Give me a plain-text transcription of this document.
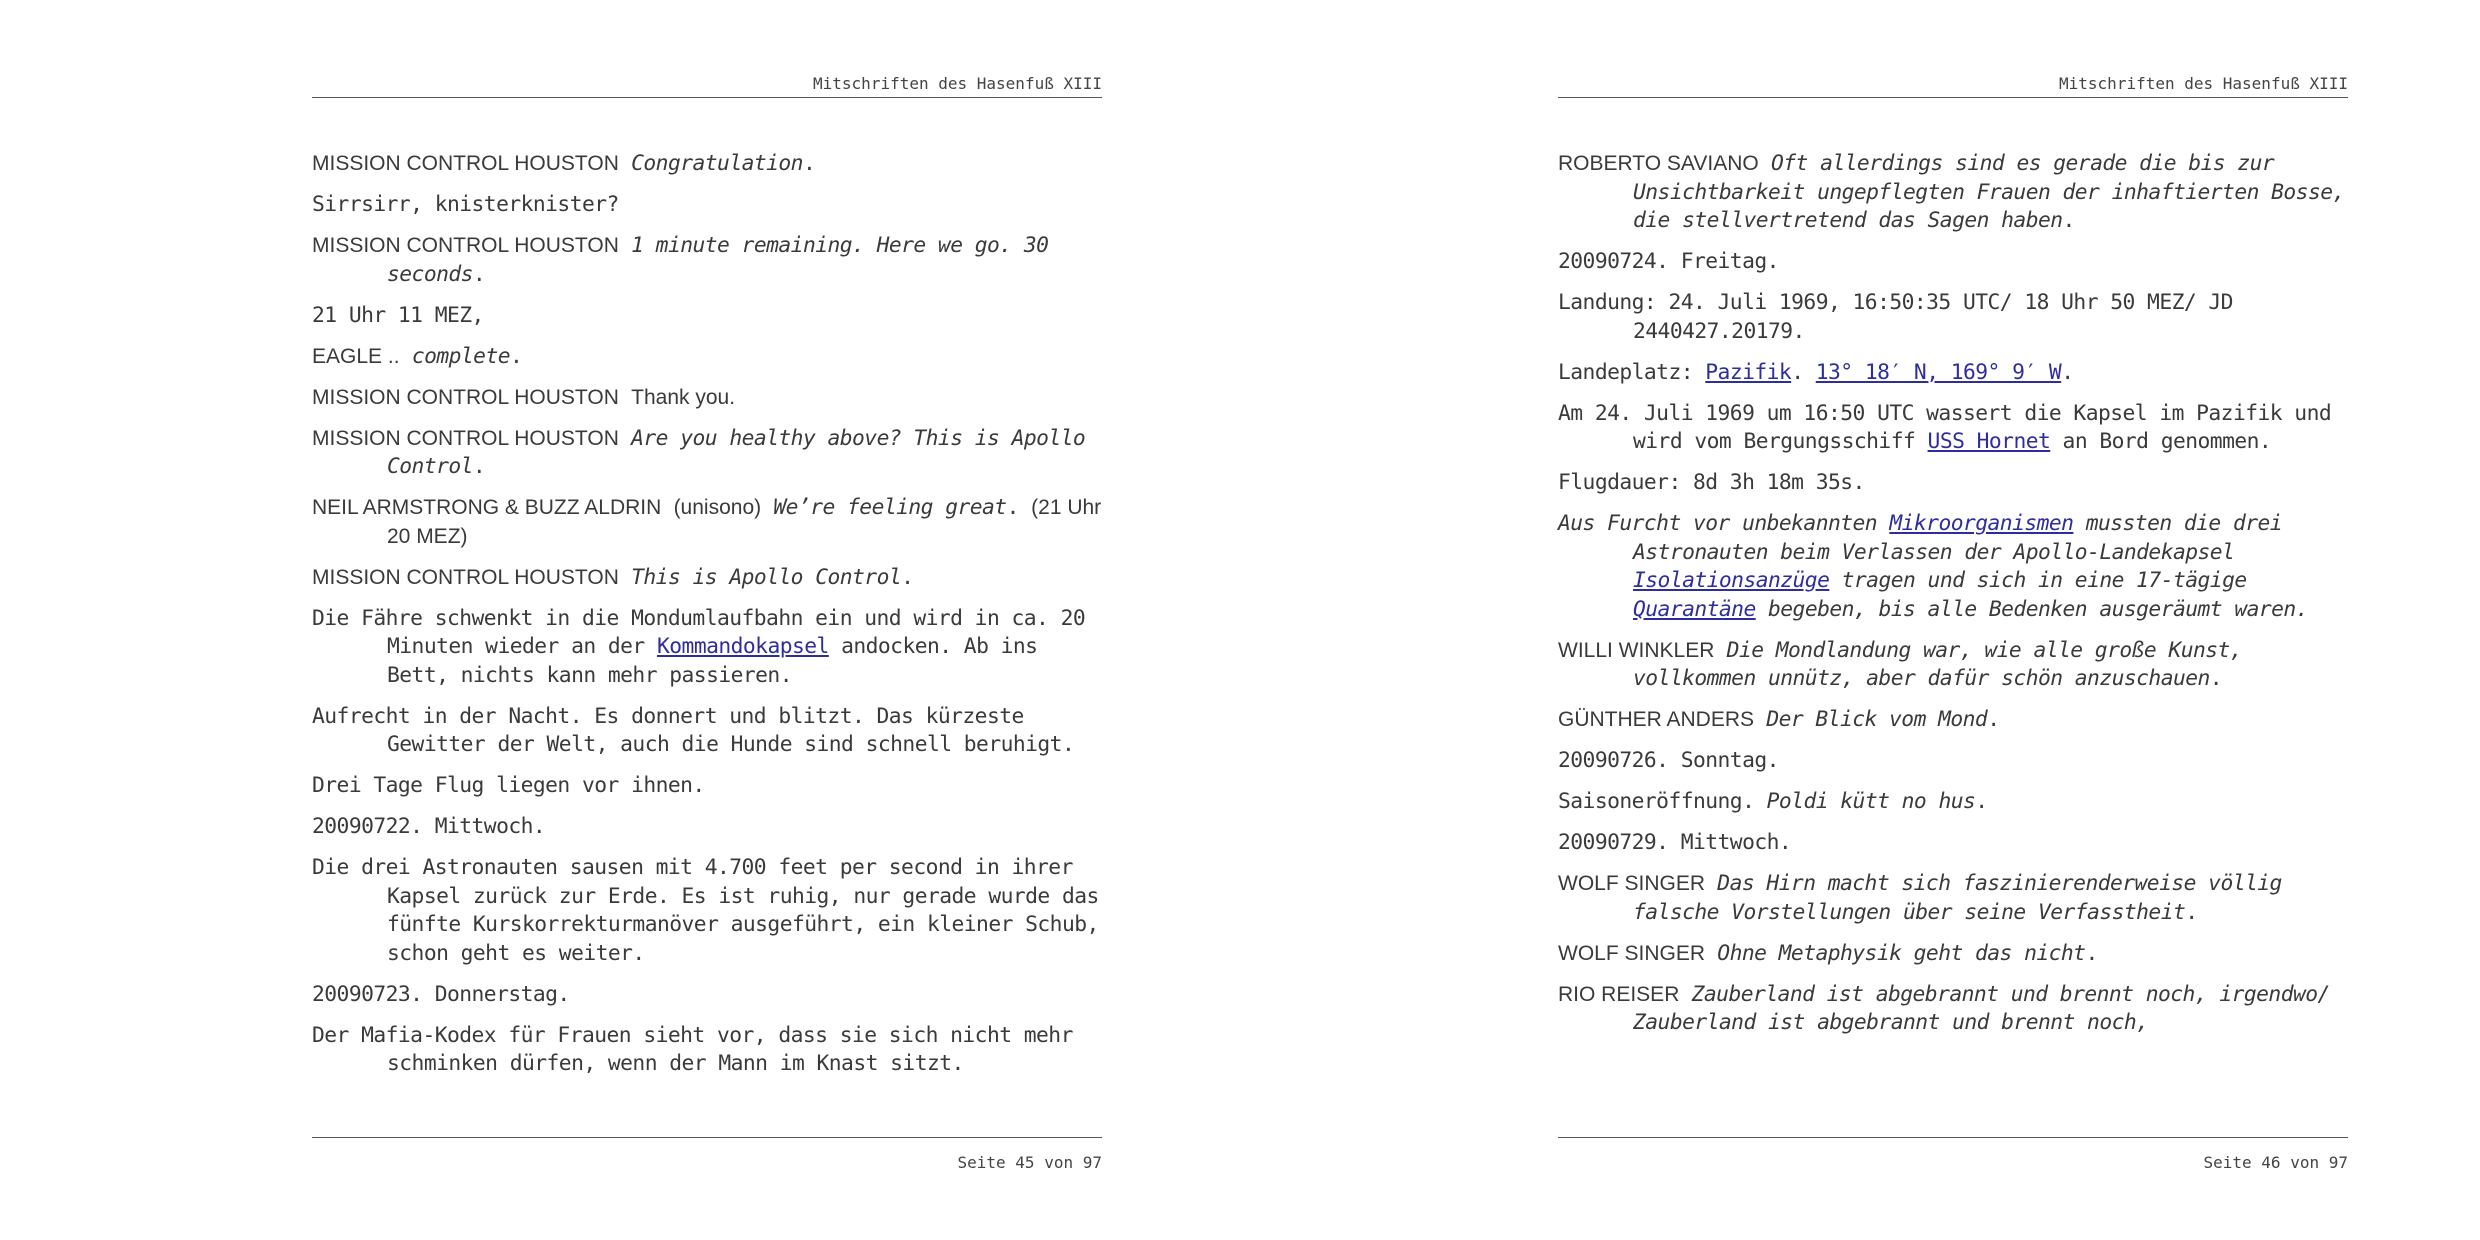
Mitschriften des Hasenfuß XIII

MISSION CONTROL HOUSTON Congratulation.

Sirrsirr, knisterknister?

MISSION CONTROL HOUSTON 1 minute remaining. Here we go. 30 seconds.

21 Uhr 11 MEZ,

EAGLE .. complete.

MISSION CONTROL HOUSTON Thank you.

MISSION CONTROL HOUSTON Are you healthy above? This is Apollo Control.

NEIL ARMSTRONG & BUZZ ALDRIN (unisono) We’re feeling great. (21 Uhr 20 MEZ)

MISSION CONTROL HOUSTON This is Apollo Control.

Die Fähre schwenkt in die Mondumlaufbahn ein und wird in ca. 20 Minuten wieder an der Kommandokapsel andocken. Ab ins Bett, nichts kann mehr passieren.

Aufrecht in der Nacht. Es donnert und blitzt. Das kürzeste Gewitter der Welt, auch die Hunde sind schnell beruhigt.

Drei Tage Flug liegen vor ihnen.

20090722. Mittwoch.

Die drei Astronauten sausen mit 4.700 feet per second in ihrer Kapsel zurück zur Erde. Es ist ruhig, nur gerade wurde das fünfte Kurskorrekturmanöver ausgeführt, ein kleiner Schub, schon geht es weiter.

20090723. Donnerstag.

Der Mafia-Kodex für Frauen sieht vor, dass sie sich nicht mehr schminken dürfen, wenn der Mann im Knast sitzt.

Seite 45 von 97
Mitschriften des Hasenfuß XIII

ROBERTO SAVIANO Oft allerdings sind es gerade die bis zur Unsichtbarkeit ungepflegten Frauen der inhaftierten Bosse, die stellvertretend das Sagen haben.

20090724. Freitag.

Landung: 24. Juli 1969, 16:50:35 UTC/ 18 Uhr 50 MEZ/ JD 2440427.20179.

Landeplatz: Pazifik. 13° 18′ N, 169° 9′ W.

Am 24. Juli 1969 um 16:50 UTC wassert die Kapsel im Pazifik und wird vom Bergungsschiff USS Hornet an Bord genommen.

Flugdauer: 8d 3h 18m 35s.

Aus Furcht vor unbekannten Mikroorganismen mussten die drei Astronauten beim Verlassen der Apollo-Landekapsel Isolationsanzüge tragen und sich in eine 17-tägige Quarantäne begeben, bis alle Bedenken ausgeräumt waren.

WILLI WINKLER Die Mondlandung war, wie alle große Kunst, vollkommen unnütz, aber dafür schön anzuschauen.

GÜNTHER ANDERS Der Blick vom Mond.

20090726. Sonntag.

Saisoneröffnung. Poldi kütt no hus.

20090729. Mittwoch.

WOLF SINGER Das Hirn macht sich faszinierenderweise völlig falsche Vorstellungen über seine Verfasstheit.

WOLF SINGER Ohne Metaphysik geht das nicht.

RIO REISER Zauberland ist abgebrannt und brennt noch, irgendwo/ Zauberland ist abgebrannt und brennt noch,

Seite 46 von 97
